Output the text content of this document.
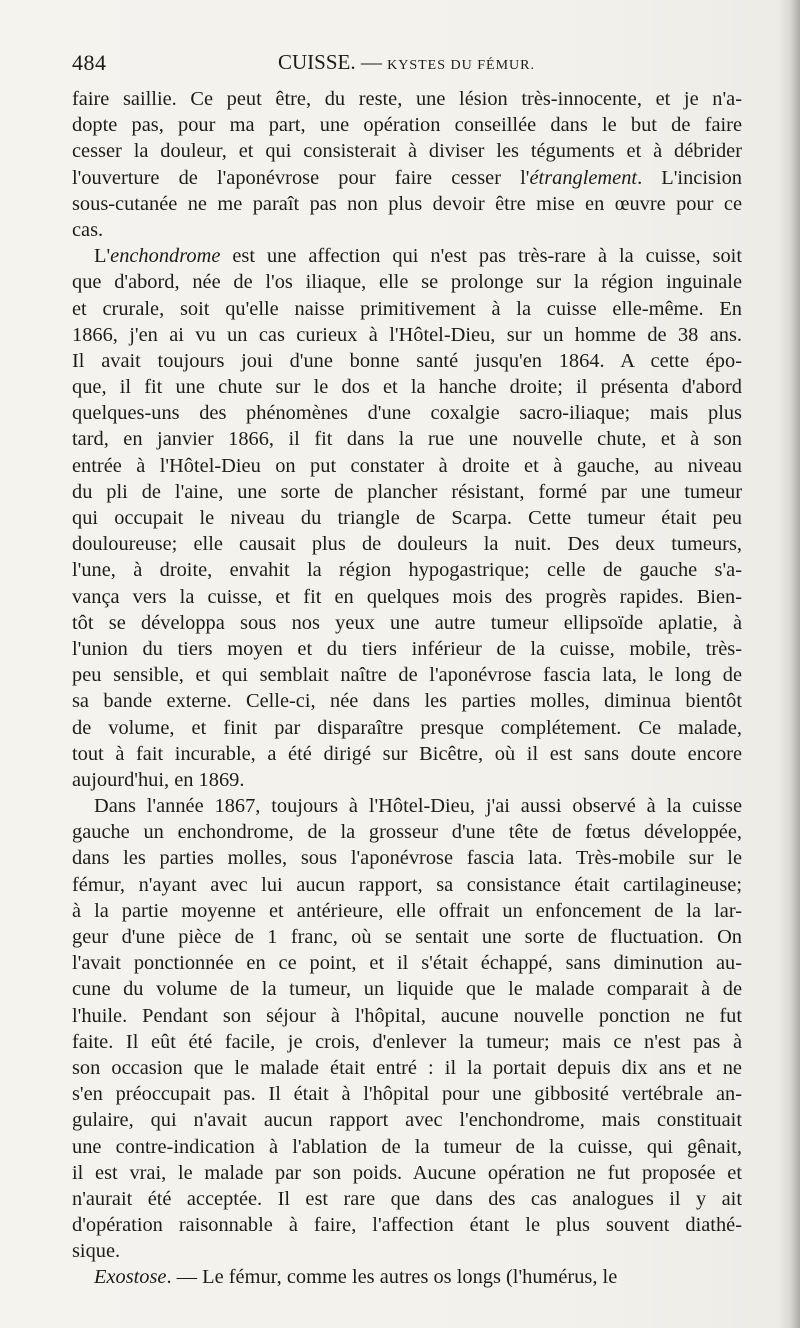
484	CUISSE. — KYSTES DU FÉMUR.
faire saillie. Ce peut être, du reste, une lésion très-innocente, et je n'a-
dopte pas, pour ma part, une opération conseillée dans le but de faire
cesser la douleur, et qui consisterait à diviser les téguments et à débrider
l'ouverture de l'aponévrose pour faire cesser l'étranglement. L'incision
sous-cutanée ne me paraît pas non plus devoir être mise en œuvre pour ce
cas.
L'enchondrome est une affection qui n'est pas très-rare à la cuisse, soit
que d'abord, née de l'os iliaque, elle se prolonge sur la région inguinale
et crurale, soit qu'elle naisse primitivement à la cuisse elle-même. En
1866, j'en ai vu un cas curieux à l'Hôtel-Dieu, sur un homme de 38 ans.
Il avait toujours joui d'une bonne santé jusqu'en 1864. A cette épo-
que, il fit une chute sur le dos et la hanche droite; il présenta d'abord
quelques-uns des phénomènes d'une coxalgie sacro-iliaque; mais plus
tard, en janvier 1866, il fit dans la rue une nouvelle chute, et à son
entrée à l'Hôtel-Dieu on put constater à droite et à gauche, au niveau
du pli de l'aine, une sorte de plancher résistant, formé par une tumeur
qui occupait le niveau du triangle de Scarpa. Cette tumeur était peu
douloureuse; elle causait plus de douleurs la nuit. Des deux tumeurs,
l'une, à droite, envahit la région hypogastrique; celle de gauche s'a-
vança vers la cuisse, et fit en quelques mois des progrès rapides. Bien-
tôt se développa sous nos yeux une autre tumeur ellipsoïde aplatie, à
l'union du tiers moyen et du tiers inférieur de la cuisse, mobile, très-
peu sensible, et qui semblait naître de l'aponévrose fascia lata, le long de
sa bande externe. Celle-ci, née dans les parties molles, diminua bientôt
de volume, et finit par disparaître presque complétement. Ce malade,
tout à fait incurable, a été dirigé sur Bicêtre, où il est sans doute encore
aujourd'hui, en 1869.
Dans l'année 1867, toujours à l'Hôtel-Dieu, j'ai aussi observé à la cuisse
gauche un enchondrome, de la grosseur d'une tête de fœtus développée,
dans les parties molles, sous l'aponévrose fascia lata. Très-mobile sur le
fémur, n'ayant avec lui aucun rapport, sa consistance était cartilagineuse;
à la partie moyenne et antérieure, elle offrait un enfoncement de la lar-
geur d'une pièce de 1 franc, où se sentait une sorte de fluctuation. On
l'avait ponctionnée en ce point, et il s'était échappé, sans diminution au-
cune du volume de la tumeur, un liquide que le malade comparait à de
l'huile. Pendant son séjour à l'hôpital, aucune nouvelle ponction ne fut
faite. Il eût été facile, je crois, d'enlever la tumeur; mais ce n'est pas à
son occasion que le malade était entré : il la portait depuis dix ans et ne
s'en préoccupait pas. Il était à l'hôpital pour une gibbosité vertébrale an-
gulaire, qui n'avait aucun rapport avec l'enchondrome, mais constituait
une contre-indication à l'ablation de la tumeur de la cuisse, qui gênait,
il est vrai, le malade par son poids. Aucune opération ne fut proposée et
n'aurait été acceptée. Il est rare que dans des cas analogues il y ait
d'opération raisonnable à faire, l'affection étant le plus souvent diathé-
sique.
Exostose. — Le fémur, comme les autres os longs (l'humérus, le
